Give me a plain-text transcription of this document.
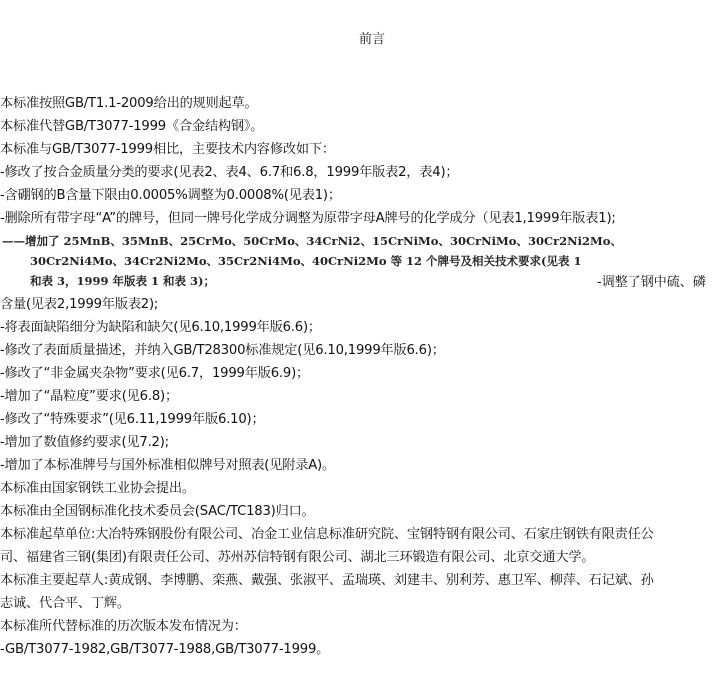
前言
本标准按照GB/T1.1-2009给出的规则起草。
本标准代替GB/T3077-1999《合金结构钢》。
本标准与GB/T3077-1999相比，主要技术内容修改如下：
-修改了按合金质量分类的要求(见表2、表4、6.7和6.8，1999年版表2，表4)；
-含硼钢的B含量下限由0.0005%调整为0.0008%(见表1)；
-删除所有带字母“A”的牌号，但同一牌号化学成分调整为原带字母A牌号的化学成分（见表1,1999年版表1);
——增加了 25MnB、35MnB、25CrMo、50CrMo、34CrNi2、15CrNiMo、30CrNiMo、30Cr2Ni2Mo、
30Cr2Ni4Mo、34Cr2Ni2Mo、35Cr2Ni4Mo、40CrNi2Mo 等 12 个牌号及相关技术要求(见表 1
和表 3，1999 年版表 1 和表 3)；	-调整了钢中硫、磷
含量(见表2,1999年版表2);
-将表面缺陷细分为缺陷和缺欠(见6.10,1999年版6.6)；
-修改了表面质量描述，并纳入GB/T28300标准规定(见6.10,1999年版6.6)；
-修改了“非金属夹杂物”要求(见6.7，1999年版6.9)；
-增加了“晶粒度”要求(见6.8)；
-修改了“特殊要求”(见6.11,1999年版6.10)；
-增加了数值修约要求(见7.2);
-增加了本标准牌号与国外标准相似牌号对照表(见附录A)。
本标准由国家钢铁工业协会提出。
本标准由全国钢标准化技术委员会(SAC/TC183)归口。
本标准起草单位:大冶特殊钢股份有限公司、冶金工业信息标准研究院、宝钢特钢有限公司、石家庄钢铁有限责任公
司、福建省三钢(集团)有限责任公司、苏州苏信特钢有限公司、湖北三环锻造有限公司、北京交通大学。
本标准主要起草人:黄成钢、李博鹏、栾燕、戴强、张淑平、孟瑞瑛、刘建丰、别利芳、惠卫军、柳萍、石记斌、孙
志诚、代合平、丁辉。
本标准所代替标准的历次版本发布情况为：
-GB/T3077-1982,GB/T3077-1988,GB/T3077-1999。
